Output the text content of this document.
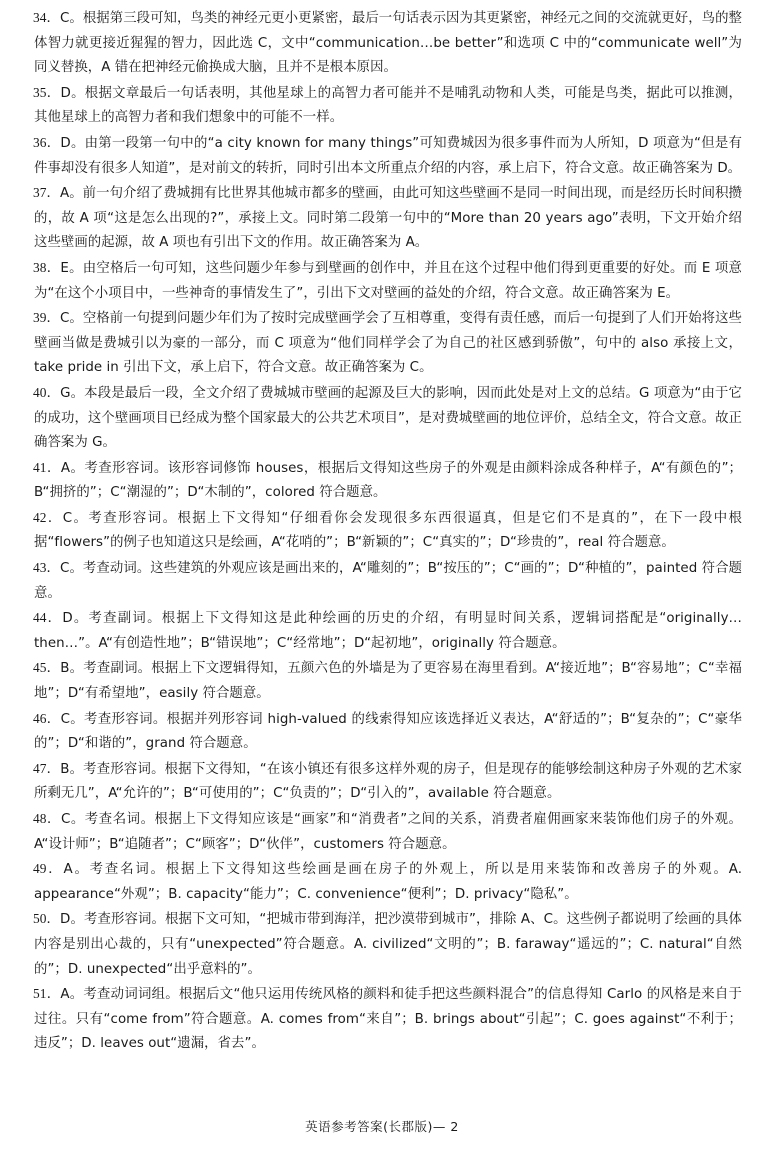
34．C。根据第三段可知，鸟类的神经元更小更紧密，最后一句话表示因为其更紧密，神经元之间的交流就更好，鸟的整体智力就更接近猩猩的智力，因此选 C，文中“communication…be better”和选项 C 中的“communicate well”为同义替换，A 错在把神经元偷换成大脑，且并不是根本原因。
35．D。根据文章最后一句话表明，其他星球上的高智力者可能并不是哺乳动物和人类，可能是鸟类，据此可以推测，其他星球上的高智力者和我们想象中的可能不一样。
36．D。由第一段第一句中的“a city known for many things”可知费城因为很多事件而为人所知，D 项意为“但是有件事却没有很多人知道”，是对前文的转折，同时引出本文所重点介绍的内容，承上启下，符合文意。故正确答案为 D。
37．A。前一句介绍了费城拥有比世界其他城市都多的壁画，由此可知这些壁画不是同一时间出现，而是经历长时间积攒的，故 A 项“这是怎么出现的?”，承接上文。同时第二段第一句中的“More than 20 years ago”表明，下文开始介绍这些壁画的起源，故 A 项也有引出下文的作用。故正确答案为 A。
38．E。由空格后一句可知，这些问题少年参与到壁画的创作中，并且在这个过程中他们得到更重要的好处。而 E 项意为“在这个小项目中，一些神奇的事情发生了”，引出下文对壁画的益处的介绍，符合文意。故正确答案为 E。
39．C。空格前一句提到问题少年们为了按时完成壁画学会了互相尊重，变得有责任感，而后一句提到了人们开始将这些壁画当做是费城引以为豪的一部分，而 C 项意为“他们同样学会了为自己的社区感到骄傲”，句中的 also 承接上文，take pride in 引出下文，承上启下，符合文意。故正确答案为 C。
40．G。本段是最后一段，全文介绍了费城城市壁画的起源及巨大的影响，因而此处是对上文的总结。G 项意为“由于它的成功，这个壁画项目已经成为整个国家最大的公共艺术项目”，是对费城壁画的地位评价，总结全文，符合文意。故正确答案为 G。
41．A。考查形容词。该形容词修饰 houses，根据后文得知这些房子的外观是由颜料涂成各种样子，A“有颜色的”；B“拥挤的”；C“潮湿的”；D“木制的”，colored 符合题意。
42．C。考查形容词。根据上下文得知“仔细看你会发现很多东西很逼真，但是它们不是真的”，在下一段中根据“flowers”的例子也知道这只是绘画，A“花哨的”；B“新颖的”；C“真实的”；D“珍贵的”，real 符合题意。
43．C。考查动词。这些建筑的外观应该是画出来的，A“雕刻的”；B“按压的”；C“画的”；D“种植的”，painted 符合题意。
44．D。考查副词。根据上下文得知这是此种绘画的历史的介绍，有明显时间关系，逻辑词搭配是“originally…then…”。A“有创造性地”；B“错误地”；C“经常地”；D“起初地”，originally 符合题意。
45．B。考查副词。根据上下文逻辑得知，五颜六色的外墙是为了更容易在海里看到。A“接近地”；B“容易地”；C“幸福地”；D“有希望地”，easily 符合题意。
46．C。考查形容词。根据并列形容词 high-valued 的线索得知应该选择近义表达，A“舒适的”；B“复杂的”；C“豪华的”；D“和谐的”，grand 符合题意。
47．B。考查形容词。根据下文得知，“在该小镇还有很多这样外观的房子，但是现存的能够绘制这种房子外观的艺术家所剩无几”，A“允许的”；B“可使用的”；C“负责的”；D“引入的”，available 符合题意。
48．C。考查名词。根据上下文得知应该是“画家”和“消费者”之间的关系，消费者雇佣画家来装饰他们房子的外观。A“设计师”；B“追随者”；C“顾客”；D“伙伴”，customers 符合题意。
49．A。考查名词。根据上下文得知这些绘画是画在房子的外观上，所以是用来装饰和改善房子的外观。A. appearance“外观”；B. capacity“能力”；C. convenience“便利”；D. privacy“隐私”。
50．D。考查形容词。根据下文可知，“把城市带到海洋，把沙漠带到城市”，排除 A、C。这些例子都说明了绘画的具体内容是别出心裁的，只有“unexpected”符合题意。A. civilized“文明的”；B. faraway“遥远的”；C. natural“自然的”；D. unexpected“出乎意料的”。
51．A。考查动词词组。根据后文“他只运用传统风格的颜料和徒手把这些颜料混合”的信息得知 Carlo 的风格是来自于过往。只有“come from”符合题意。A. comes from“来自”；B. brings about“引起”；C. goes against“不利于；违反”；D. leaves out“遗漏，省去”。
英语参考答案(长郡版)— 2
